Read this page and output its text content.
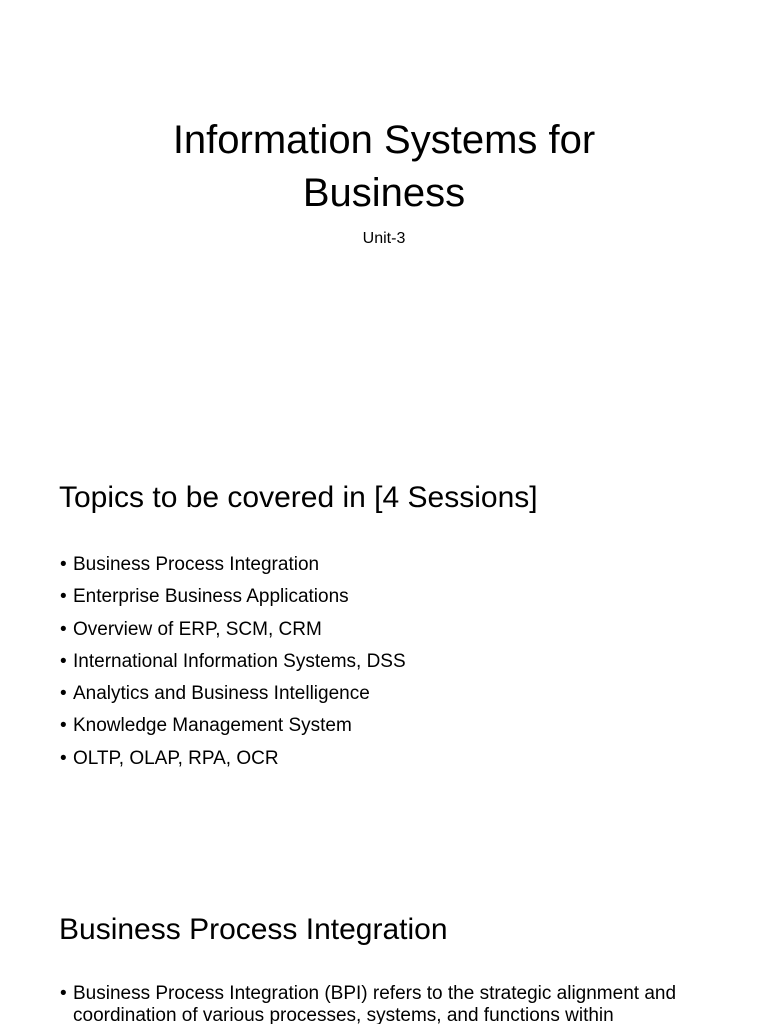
Information Systems for
Business

Unit-3

Topics to be covered in [4 Sessions]
• Business Process Integration
• Enterprise Business Applications
• Overview of ERP, SCM, CRM
• International Information Systems, DSS
• Analytics and Business Intelligence
• Knowledge Management System
• OLTP, OLAP, RPA, OCR
Business Process Integration

• Business Process Integration (BPI) refers to the strategic alignment and coordination of various processes, systems, and functions within
